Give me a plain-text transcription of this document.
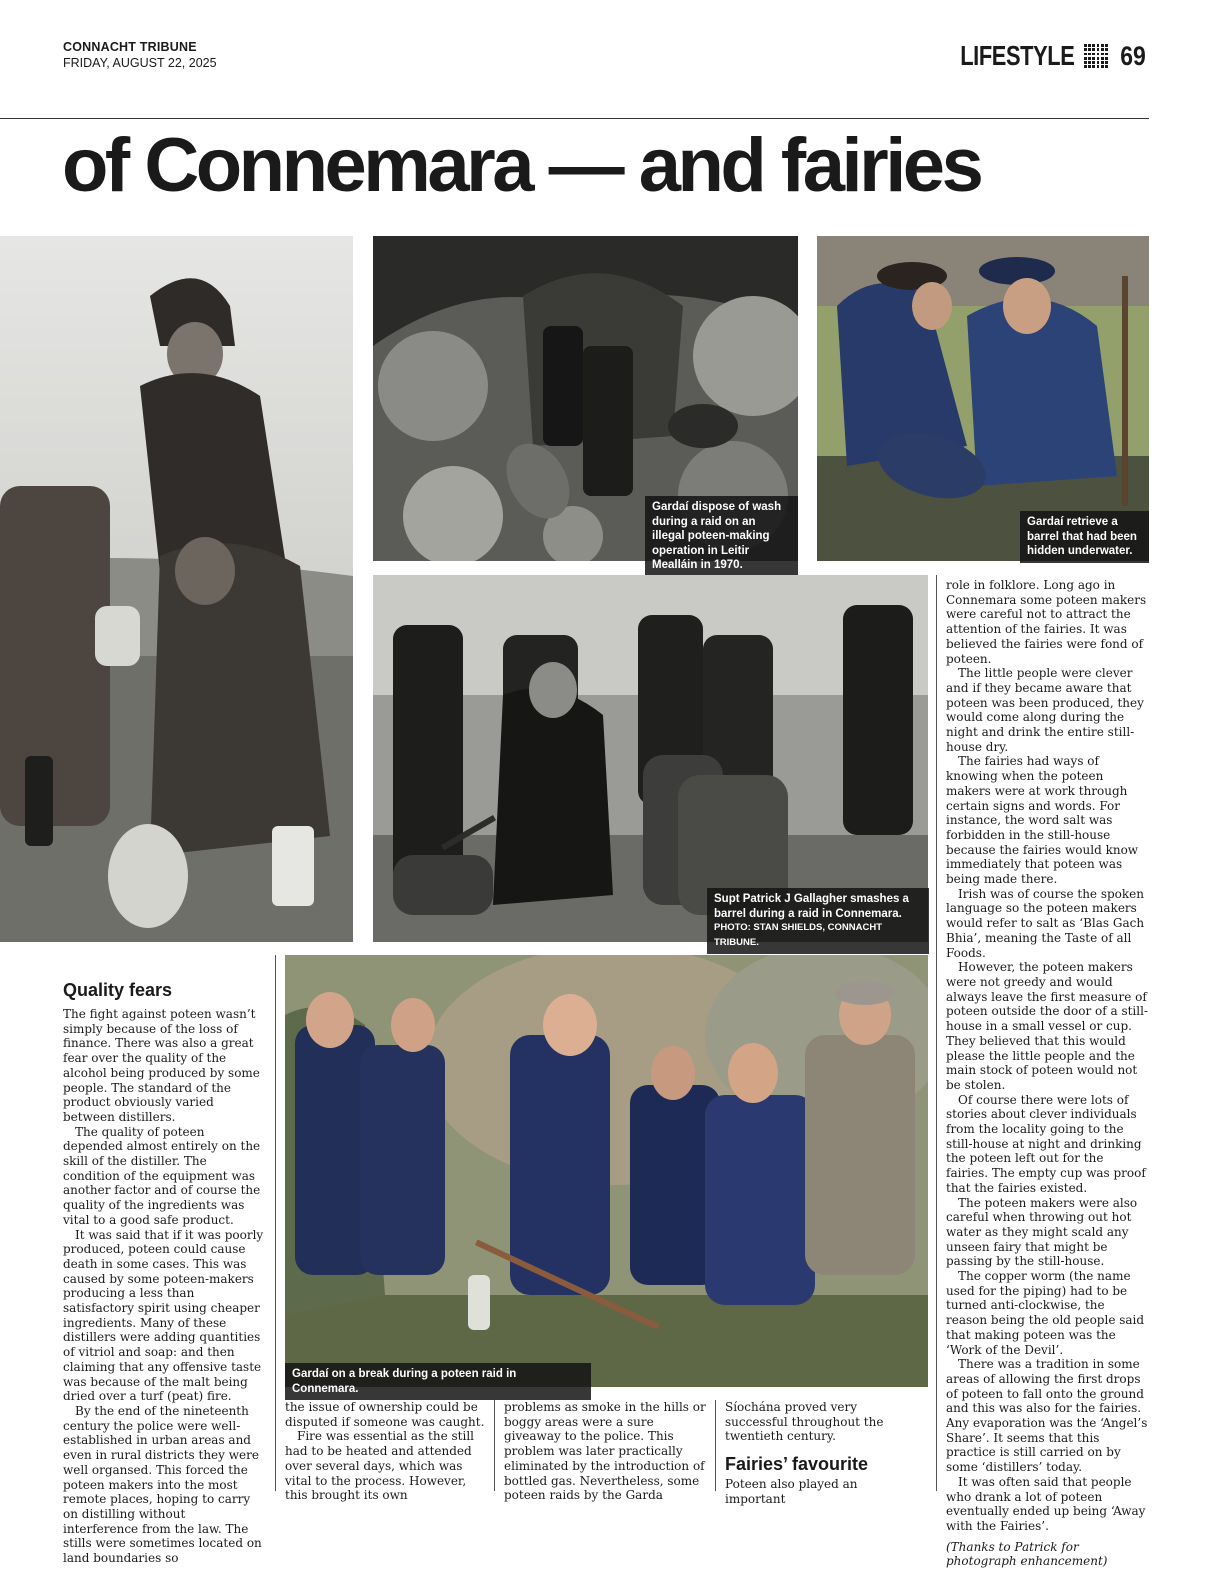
CONNACHT TRIBUNE
FRIDAY, AUGUST 22, 2025	LIFESTYLE 69
of Connemara — and fairies
Gardaí dispose of wash during a raid on an illegal poteen-making operation in Leitir Mealláin in 1970.
Gardaí retrieve a barrel that had been hidden underwater.
Supt Patrick J Gallagher smashes a barrel during a raid in Connemara.
PHOTO: STAN SHIELDS, CONNACHT TRIBUNE.
Gardaí on a break during a poteen raid in Connemara.
Quality fears

The fight against poteen wasn’t simply because of the loss of finance. There was also a great fear over the quality of the alcohol being produced by some people. The standard of the product obviously varied between distillers.

The quality of poteen depended almost entirely on the skill of the distiller. The condition of the equipment was another factor and of course the quality of the ingredients was vital to a good safe product.

It was said that if it was poorly produced, poteen could cause death in some cases. This was caused by some poteen-makers producing a less than satisfactory spirit using cheaper ingredients. Many of these distillers were adding quantities of vitriol and soap: and then claiming that any offensive taste was because of the malt being dried over a turf (peat) fire.

By the end of the nineteenth century the police were well-established in urban areas and even in rural districts they were well organsed. This forced the poteen makers into the most remote places, hoping to carry on distilling without interference from the law. The stills were sometimes located on land boundaries so

the issue of ownership could be disputed if someone was caught.

Fire was essential as the still had to be heated and attended over several days, which was vital to the process. However, this brought its own

problems as smoke in the hills or boggy areas were a sure giveaway to the police. This problem was later practically eliminated by the introduction of bottled gas. Nevertheless, some poteen raids by the Garda

Síochána proved very successful throughout the twentieth century.

Fairies’ favourite

Poteen also played an important

role in folklore. Long ago in Connemara some poteen makers were careful not to attract the attention of the fairies. It was believed the fairies were fond of poteen.

The little people were clever and if they became aware that poteen was been produced, they would come along during the night and drink the entire still-house dry.

The fairies had ways of knowing when the poteen makers were at work through certain signs and words. For instance, the word salt was forbidden in the still-house because the fairies would know immediately that poteen was being made there.

Irish was of course the spoken language so the poteen makers would refer to salt as ‘Blas Gach Bhia’, meaning the Taste of all Foods.

However, the poteen makers were not greedy and would always leave the first measure of poteen outside the door of a still-house in a small vessel or cup. They believed that this would please the little people and the main stock of poteen would not be stolen.

Of course there were lots of stories about clever individuals from the locality going to the still-house at night and drinking the poteen left out for the fairies. The empty cup was proof that the fairies existed.

The poteen makers were also careful when throwing out hot water as they might scald any unseen fairy that might be passing by the still-house.

The copper worm (the name used for the piping) had to be turned anti-clockwise, the reason being the old people said that making poteen was the ‘Work of the Devil’.

There was a tradition in some areas of allowing the first drops of poteen to fall onto the ground and this was also for the fairies. Any evaporation was the ‘Angel’s Share’. It seems that this practice is still carried on by some ‘distillers’ today.

It was often said that people who drank a lot of poteen eventually ended up being ‘Away with the Fairies’.

(Thanks to Patrick for photograph enhancement)
